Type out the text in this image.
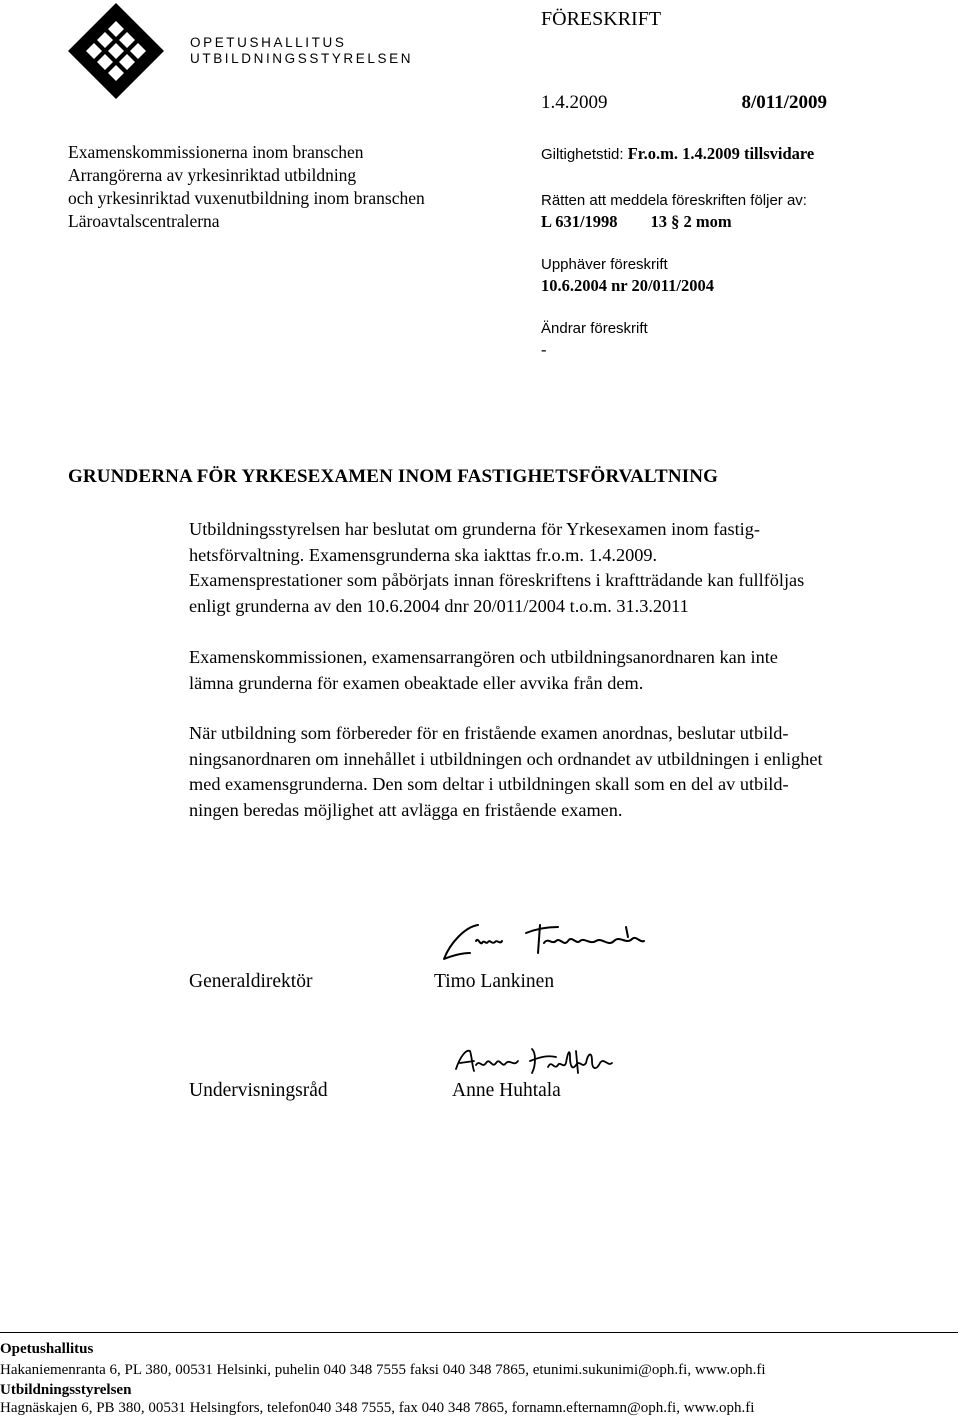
OPETUSHALLITUS
UTBILDNINGSSTYRELSEN
FÖRESKRIFT
1.4.2009	8/011/2009
Examenskommissionerna inom branschen
Arrangörerna av yrkesinriktad utbildning
och yrkesinriktad vuxenutbildning inom branschen
Läroavtalscentralerna
Giltighetstid: Fr.o.m. 1.4.2009 tillsvidare
Rätten att meddela föreskriften följer av:
L 631/1998        13 § 2 mom
Upphäver föreskrift
10.6.2004 nr 20/011/2004
Ändrar föreskrift
-
GRUNDERNA FÖR YRKESEXAMEN INOM FASTIGHETSFÖRVALTNING

Utbildningsstyrelsen har beslutat om grunderna för Yrkesexamen inom fastig-

hetsförvaltning. Examensgrunderna ska iakttas fr.o.m. 1.4.2009.

Examensprestationer som påbörjats innan föreskriftens i kraftträdande kan fullföljas

enligt grunderna av den 10.6.2004 dnr 20/011/2004 t.o.m. 31.3.2011

Examenskommissionen, examensarrangören och utbildningsanordnaren kan inte

lämna grunderna för examen obeaktade eller avvika från dem.

När utbildning som förbereder för en fristående examen anordnas, beslutar utbild-

ningsanordnaren om innehållet i utbildningen och ordnandet av utbildningen i enlighet

med examensgrunderna. Den som deltar i utbildningen skall som en del av utbild-

ningen beredas möjlighet att avlägga en fristående examen.

Generaldirektör	Timo Lankinen
Undervisningsråd	Anne Huhtala
Opetushallitus
Hakaniemenranta 6, PL 380, 00531 Helsinki, puhelin 040 348 7555 faksi 040 348 7865, etunimi.sukunimi@oph.fi, www.oph.fi
Utbildningsstyrelsen
Hagnäskajen 6, PB 380, 00531 Helsingfors, telefon040 348 7555, fax 040 348 7865, fornamn.efternamn@oph.fi, www.oph.fi
